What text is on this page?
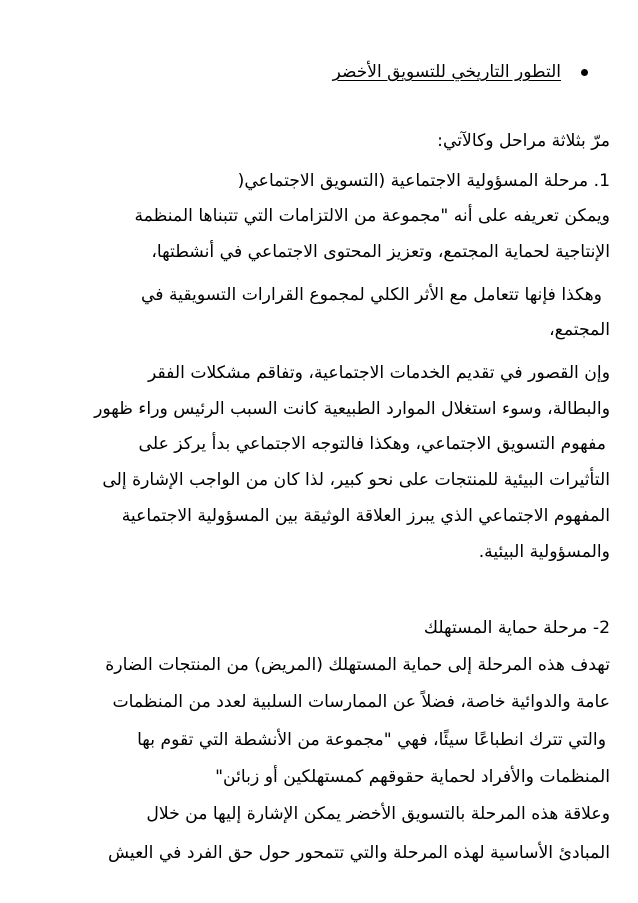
التطور التاريخي للتسويق الأخضر
مرّ بثلاثة مراحل وكالآتي:
1. مرحلة المسؤولية الاجتماعية (التسويق الاجتماعي(
ويمكن تعريفه على أنه "مجموعة من الالتزامات التي تتبناها المنظمة
الإنتاجية لحماية المجتمع، وتعزيز المحتوى الاجتماعي في أنشطتها،
وهكذا فإنها تتعامل مع الأثر الكلي لمجموع القرارات التسويقية في
المجتمع،
وإن القصور في تقديم الخدمات الاجتماعية، وتفاقم مشكلات الفقر
والبطالة، وسوء استغلال الموارد الطبيعية كانت السبب الرئيس وراء ظهور
مفهوم التسويق الاجتماعي، وهكذا فالتوجه الاجتماعي بدأ يركز على
التأثيرات البيئية للمنتجات على نحو كبير، لذا كان من الواجب الإشارة إلى
المفهوم الاجتماعي الذي يبرز العلاقة الوثيقة بين المسؤولية الاجتماعية
والمسؤولية البيئية.
2- مرحلة حماية المستهلك
تهدف هذه المرحلة إلى حماية المستهلك (المريض) من المنتجات الضارة
عامة والدوائية خاصة، فضلاً عن الممارسات السلبية لعدد من المنظمات
والتي تترك انطباعًا سيئًا، فهي "مجموعة من الأنشطة التي تقوم بها
المنظمات والأفراد لحماية حقوقهم كمستهلكين أو زبائن"
وعلاقة هذه المرحلة بالتسويق الأخضر يمكن الإشارة إليها من خلال
المبادئ الأساسية لهذه المرحلة والتي تتمحور حول حق الفرد في العيش
